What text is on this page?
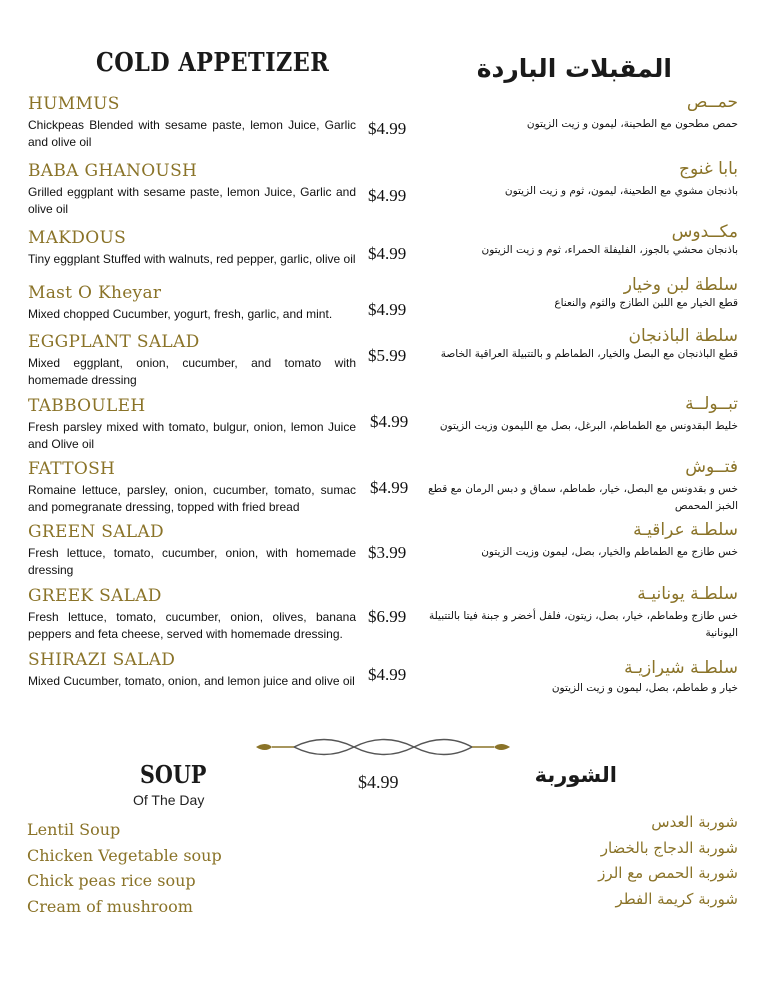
COLD APPETIZER	المقبلات الباردة
HUMMUS
Chickpeas Blended with sesame paste, lemon Juice, Garlic and olive oil
$4.99
حمــص
حمص مطحون مع الطحينة، ليمون و زيت الزيتون
BABA GHANOUSH
Grilled eggplant with sesame paste, lemon Juice, Garlic and olive oil
$4.99
بابا غنوج
باذنجان مشوي مع الطحينة، ليمون، ثوم و زيت الزيتون
MAKDOUS
Tiny eggplant Stuffed with walnuts, red pepper, garlic, olive oil $4.99
مكــدوس
باذنجان محشي بالجوز، الفليفلة الحمراء، ثوم و زيت الزيتون
Mast O Kheyar
Mixed chopped Cucumber, yogurt, fresh, garlic, and mint.	$4.99
سلطة لبن وخيار
قطع الخيار مع اللبن الطازج والثوم والنعناع
EGGPLANT SALAD
Mixed eggplant, onion, cucumber, and tomato with homemade dressing
$5.99
سلطة الباذنجان
قطع الباذنجان مع البصل والخيار، الطماطم و بالتتبيلة العراقية الخاصة
TABBOULEH
Fresh parsley mixed with tomato, bulgur, onion, lemon Juice and Olive oil
$4.99
تبــولــة
خليط البقدونس مع الطماطم، البرغل، بصل مع الليمون وزيت الزيتون
FATTOSH
Romaine lettuce, parsley, onion, cucumber, tomato, sumac and pomegranate dressing, topped with fried bread
$4.99
فتــوش
خس و بقدونس مع البصل، خيار، طماطم، سماق و دبس الرمان مع قطع الخبز المحمص
GREEN SALAD
Fresh lettuce, tomato, cucumber, onion, with homemade dressing
$3.99
سلطـة عراقيـة
خس طازج مع الطماطم والخيار، بصل، ليمون وزيت الزيتون
GREEK SALAD
Fresh lettuce, tomato, cucumber, onion, olives, banana peppers and feta cheese, served with homemade dressing.
$6.99
سلطـة يونانيـة
خس طازج وطماطم، خيار، بصل، زيتون، فلفل أخضر و جبنة فيتا بالتتبيلة اليونانية
SHIRAZI SALAD
Mixed Cucumber, tomato, onion, and lemon juice and olive oil $4.99	سلطـة شيرازيـة
خيار و طماطم، بصل، ليمون و زيت الزيتون
SOUP
Of The Day
$4.99	الشوربة
Lentil Soup
Chicken Vegetable soup
Chick peas rice soup
Cream of mushroom
شوربة العدس
شوربة الدجاج بالخضار
شوربة الحمص مع الرز
شوربة كريمة الفطر
